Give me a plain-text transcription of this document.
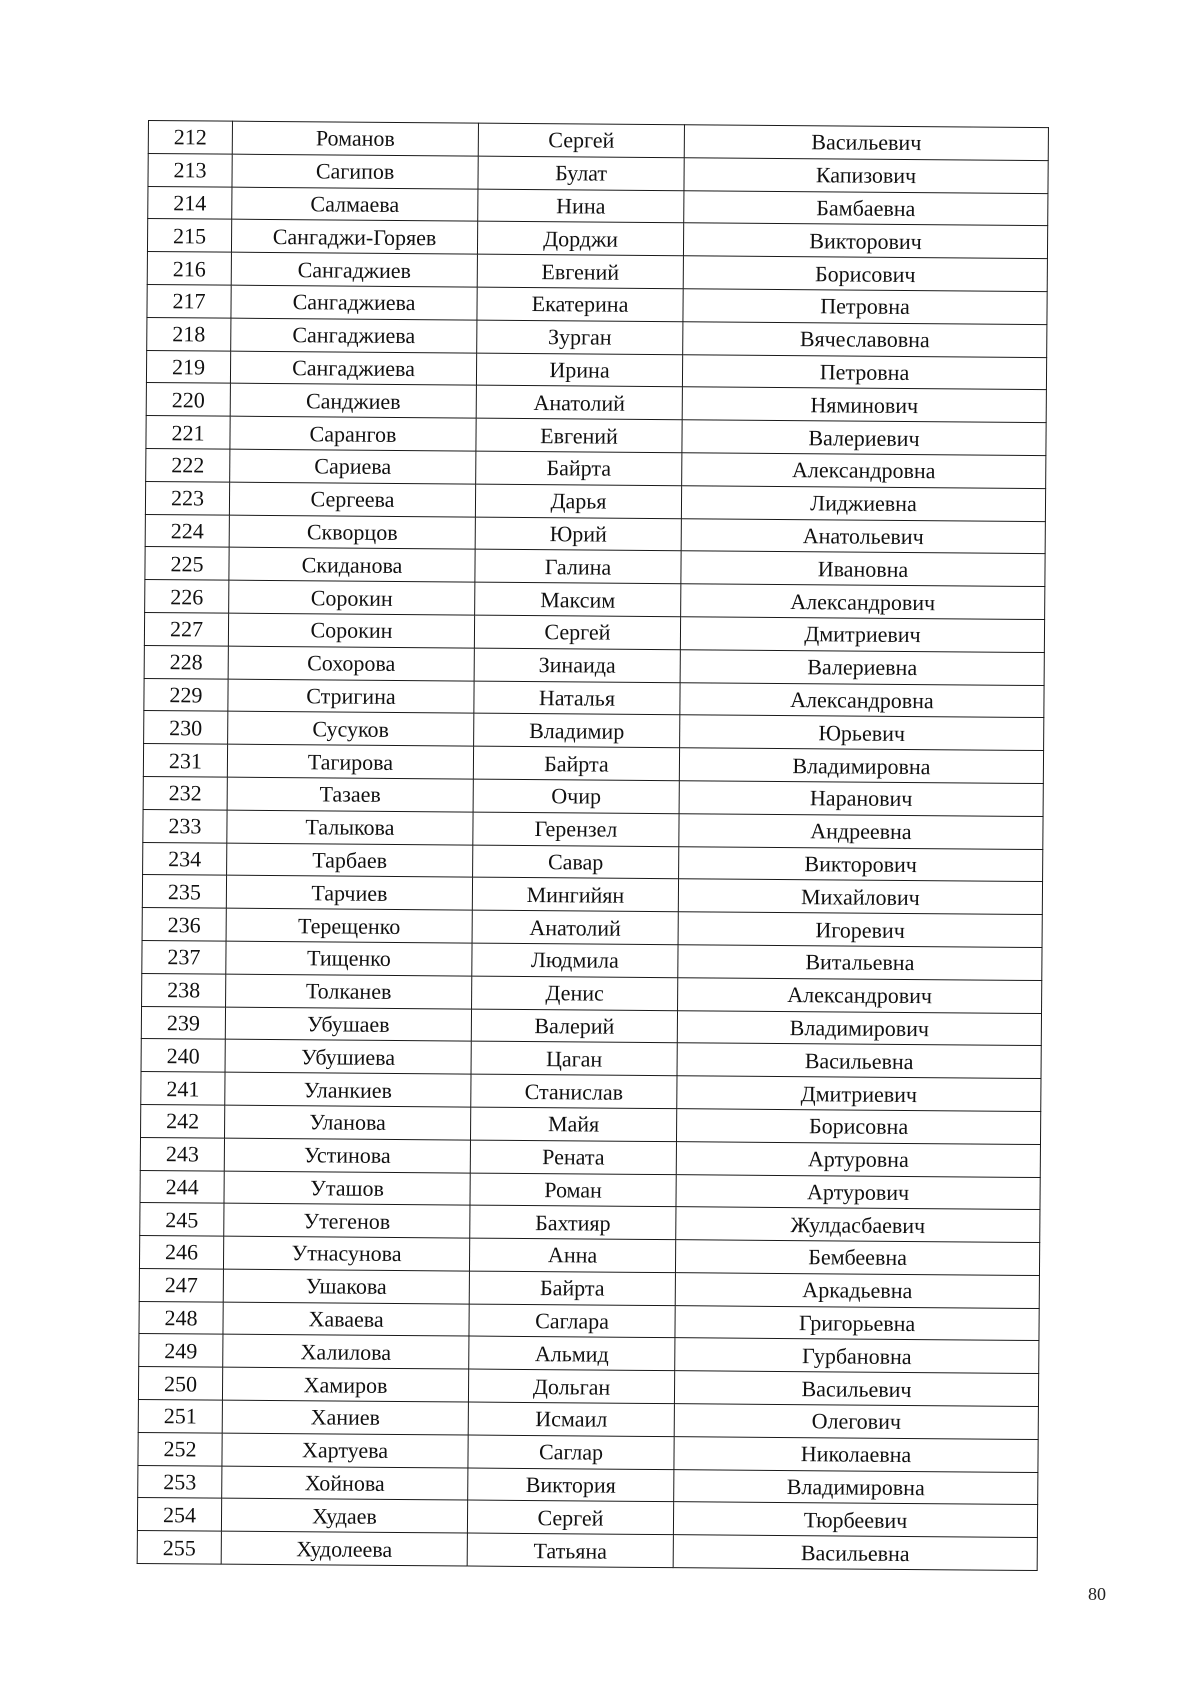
212	Романов	Сергей	Васильевич
213	Сагипов	Булат	Капизович
214	Салмаева	Нина	Бамбаевна
215	Сангаджи-Горяев	Дорджи	Викторович
216	Сангаджиев	Евгений	Борисович
217	Сангаджиева	Екатерина	Петровна
218	Сангаджиева	Зурган	Вячеславовна
219	Сангаджиева	Ирина	Петровна
220	Санджиев	Анатолий	Няминович
221	Сарангов	Евгений	Валериевич
222	Сариева	Байрта	Александровна
223	Сергеева	Дарья	Лиджиевна
224	Скворцов	Юрий	Анатольевич
225	Скиданова	Галина	Ивановна
226	Сорокин	Максим	Александрович
227	Сорокин	Сергей	Дмитриевич
228	Сохорова	Зинаида	Валериевна
229	Стригина	Наталья	Александровна
230	Сусуков	Владимир	Юрьевич
231	Тагирова	Байрта	Владимировна
232	Тазаев	Очир	Наранович
233	Талыкова	Герензел	Андреевна
234	Тарбаев	Савар	Викторович
235	Тарчиев	Мингийян	Михайлович
236	Терещенко	Анатолий	Игоревич
237	Тищенко	Людмила	Витальевна
238	Толканев	Денис	Александрович
239	Убушаев	Валерий	Владимирович
240	Убушиева	Цаган	Васильевна
241	Уланкиев	Станислав	Дмитриевич
242	Уланова	Майя	Борисовна
243	Устинова	Рената	Артуровна
244	Уташов	Роман	Артурович
245	Утегенов	Бахтияр	Жулдасбаевич
246	Утнасунова	Анна	Бембеевна
247	Ушакова	Байрта	Аркадьевна
248	Хаваева	Саглара	Григорьевна
249	Халилова	Альмид	Гурбановна
250	Хамиров	Дольган	Васильевич
251	Ханиев	Исмаил	Олегович
252	Хартуева	Саглар	Николаевна
253	Хойнова	Виктория	Владимировна
254	Худаев	Сергей	Тюрбеевич
255	Худолеева	Татьяна	Васильевна
80
